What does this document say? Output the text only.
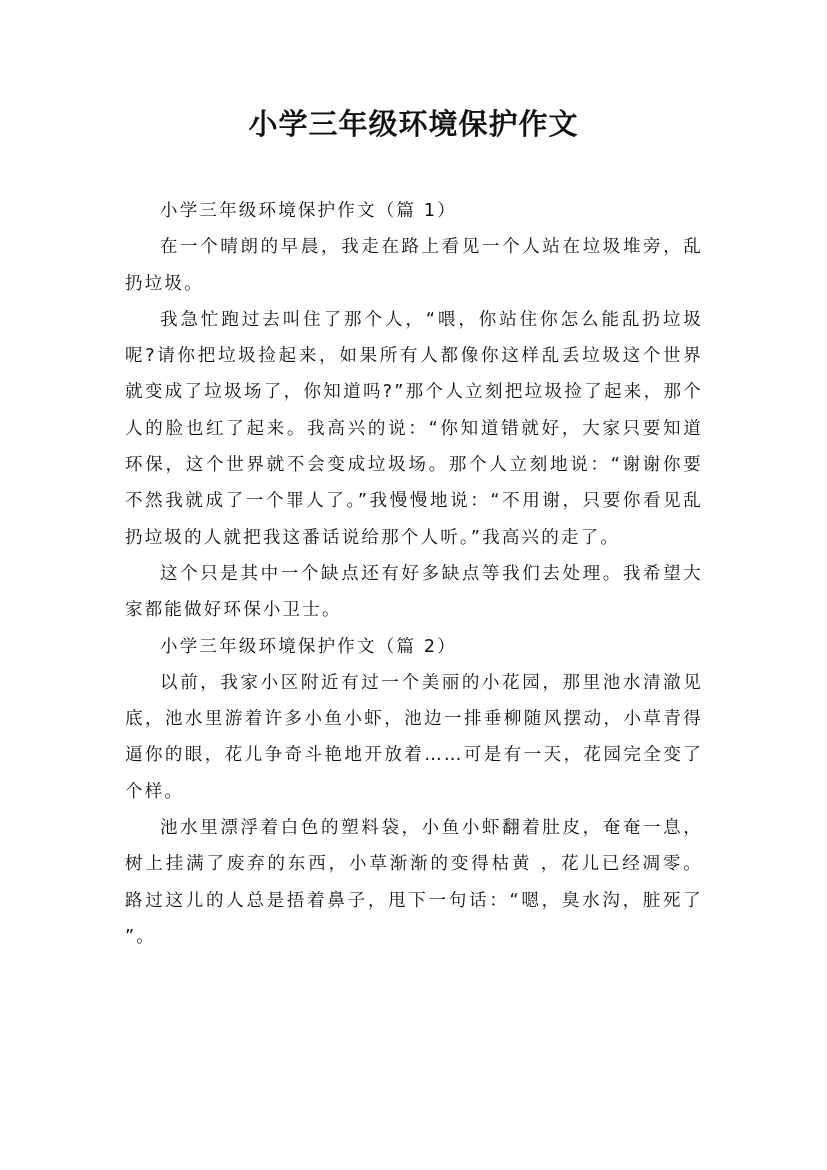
小学三年级环境保护作文

小学三年级环境保护作文（篇 1）

在一个晴朗的早晨，我走在路上看见一个人站在垃圾堆旁，乱扔垃圾。

我急忙跑过去叫住了那个人，“喂，你站住你怎么能乱扔垃圾呢?请你把垃圾捡起来，如果所有人都像你这样乱丢垃圾这个世界就变成了垃圾场了，你知道吗?”那个人立刻把垃圾捡了起来，那个人的脸也红了起来。我高兴的说：“你知道错就好，大家只要知道环保，这个世界就不会变成垃圾场。那个人立刻地说：“谢谢你要不然我就成了一个罪人了。”我慢慢地说：“不用谢，只要你看见乱扔垃圾的人就把我这番话说给那个人听。”我高兴的走了。

这个只是其中一个缺点还有好多缺点等我们去处理。我希望大家都能做好环保小卫士。

小学三年级环境保护作文（篇 2）

以前，我家小区附近有过一个美丽的小花园，那里池水清澈见底，池水里游着许多小鱼小虾，池边一排垂柳随风摆动，小草青得逼你的眼，花儿争奇斗艳地开放着……可是有一天，花园完全变了个样。

池水里漂浮着白色的塑料袋，小鱼小虾翻着肚皮，奄奄一息，树上挂满了废弃的东西，小草渐渐的变得枯黄 ，花儿已经凋零。路过这儿的人总是捂着鼻子，甩下一句话：“嗯，臭水沟，脏死了 ”。
